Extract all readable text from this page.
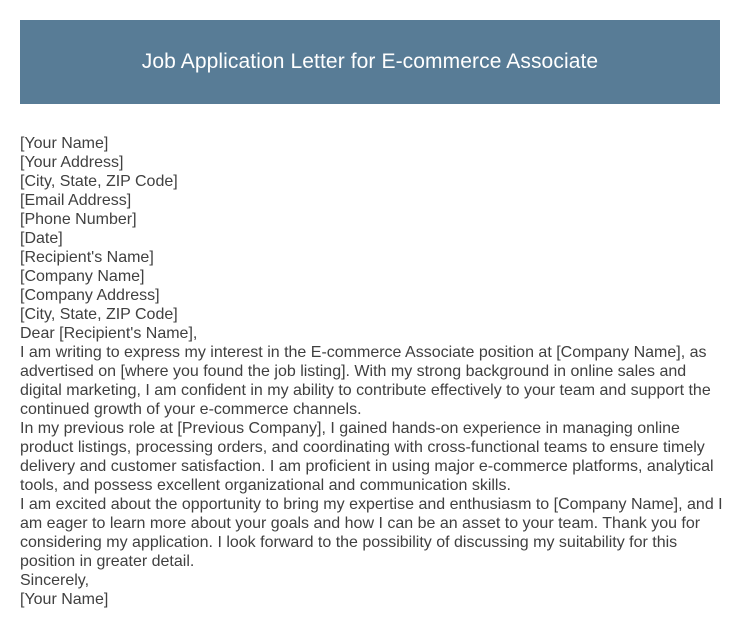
Job Application Letter for E-commerce Associate
[Your Name]
[Your Address]
[City, State, ZIP Code]
[Email Address]
[Phone Number]
[Date]
[Recipient's Name]
[Company Name]
[Company Address]
[City, State, ZIP Code]
Dear [Recipient's Name],

I am writing to express my interest in the E-commerce Associate position at [Company Name], as advertised on [where you found the job listing]. With my strong background in online sales and digital marketing, I am confident in my ability to contribute effectively to your team and support the continued growth of your e-commerce channels.

In my previous role at [Previous Company], I gained hands-on experience in managing online product listings, processing orders, and coordinating with cross-functional teams to ensure timely delivery and customer satisfaction. I am proficient in using major e-commerce platforms, analytical tools, and possess excellent organizational and communication skills.

I am excited about the opportunity to bring my expertise and enthusiasm to [Company Name], and I am eager to learn more about your goals and how I can be an asset to your team. Thank you for considering my application. I look forward to the possibility of discussing my suitability for this position in greater detail.

Sincerely,
[Your Name]
